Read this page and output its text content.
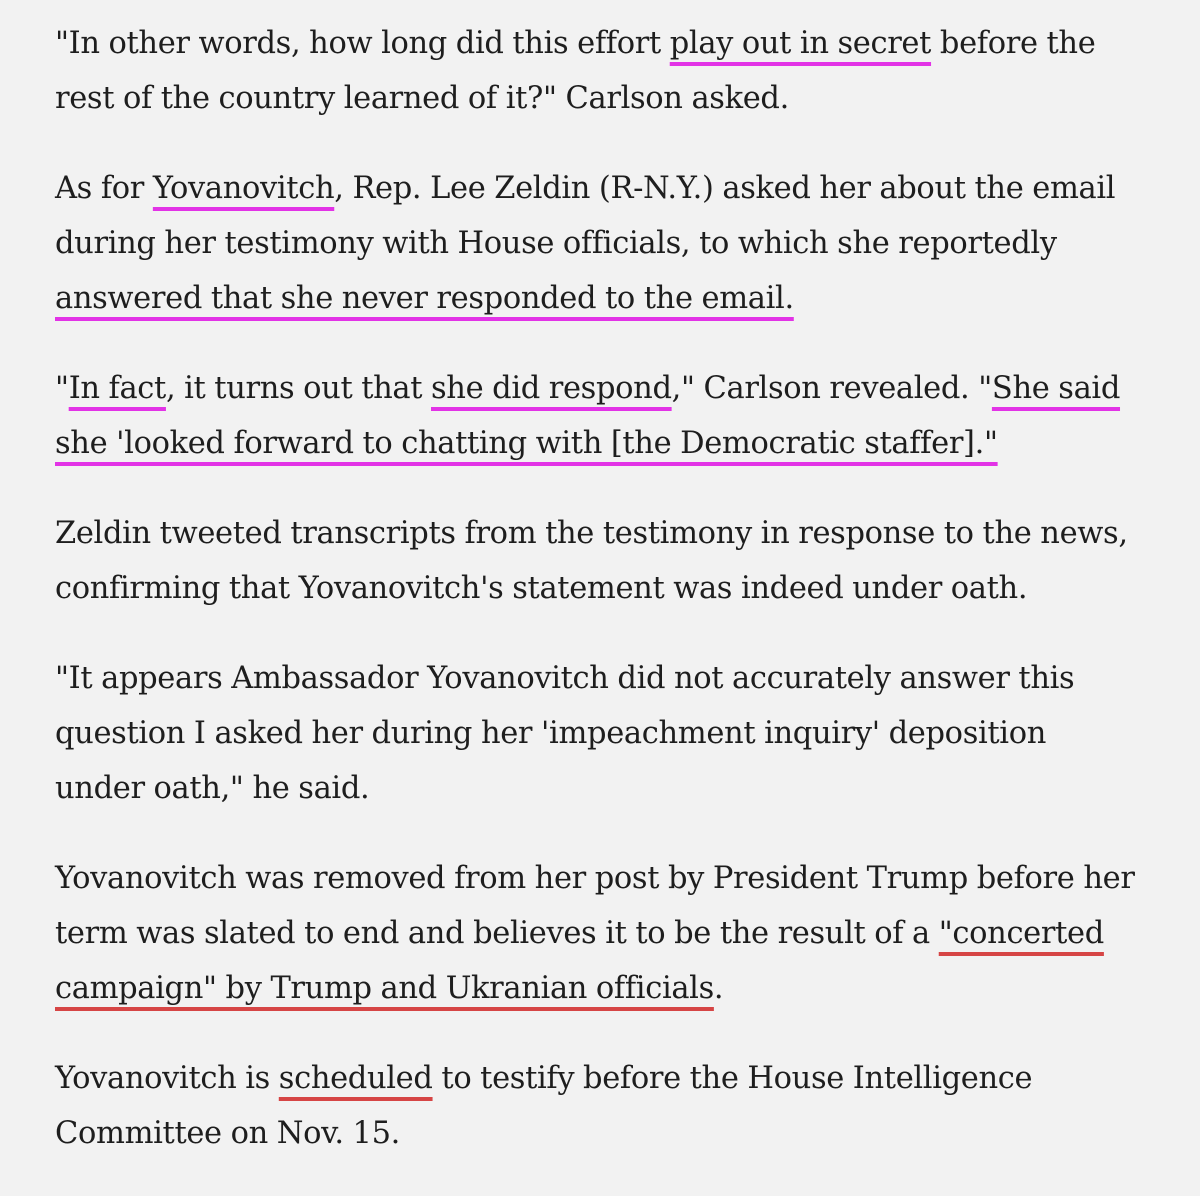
"In other words, how long did this effort play out in secret before the
rest of the country learned of it?" Carlson asked.

As for Yovanovitch, Rep. Lee Zeldin (R-N.Y.) asked her about the email
during her testimony with House officials, to which she reportedly
answered that she never responded to the email.

"In fact, it turns out that she did respond," Carlson revealed. "She said
she 'looked forward to chatting with [the Democratic staffer]."

Zeldin tweeted transcripts from the testimony in response to the news,
confirming that Yovanovitch's statement was indeed under oath.

"It appears Ambassador Yovanovitch did not accurately answer this
question I asked her during her 'impeachment inquiry' deposition
under oath," he said.

Yovanovitch was removed from her post by President Trump before her
term was slated to end and believes it to be the result of a "concerted
campaign" by Trump and Ukranian officials.

Yovanovitch is scheduled to testify before the House Intelligence
Committee on Nov. 15.
